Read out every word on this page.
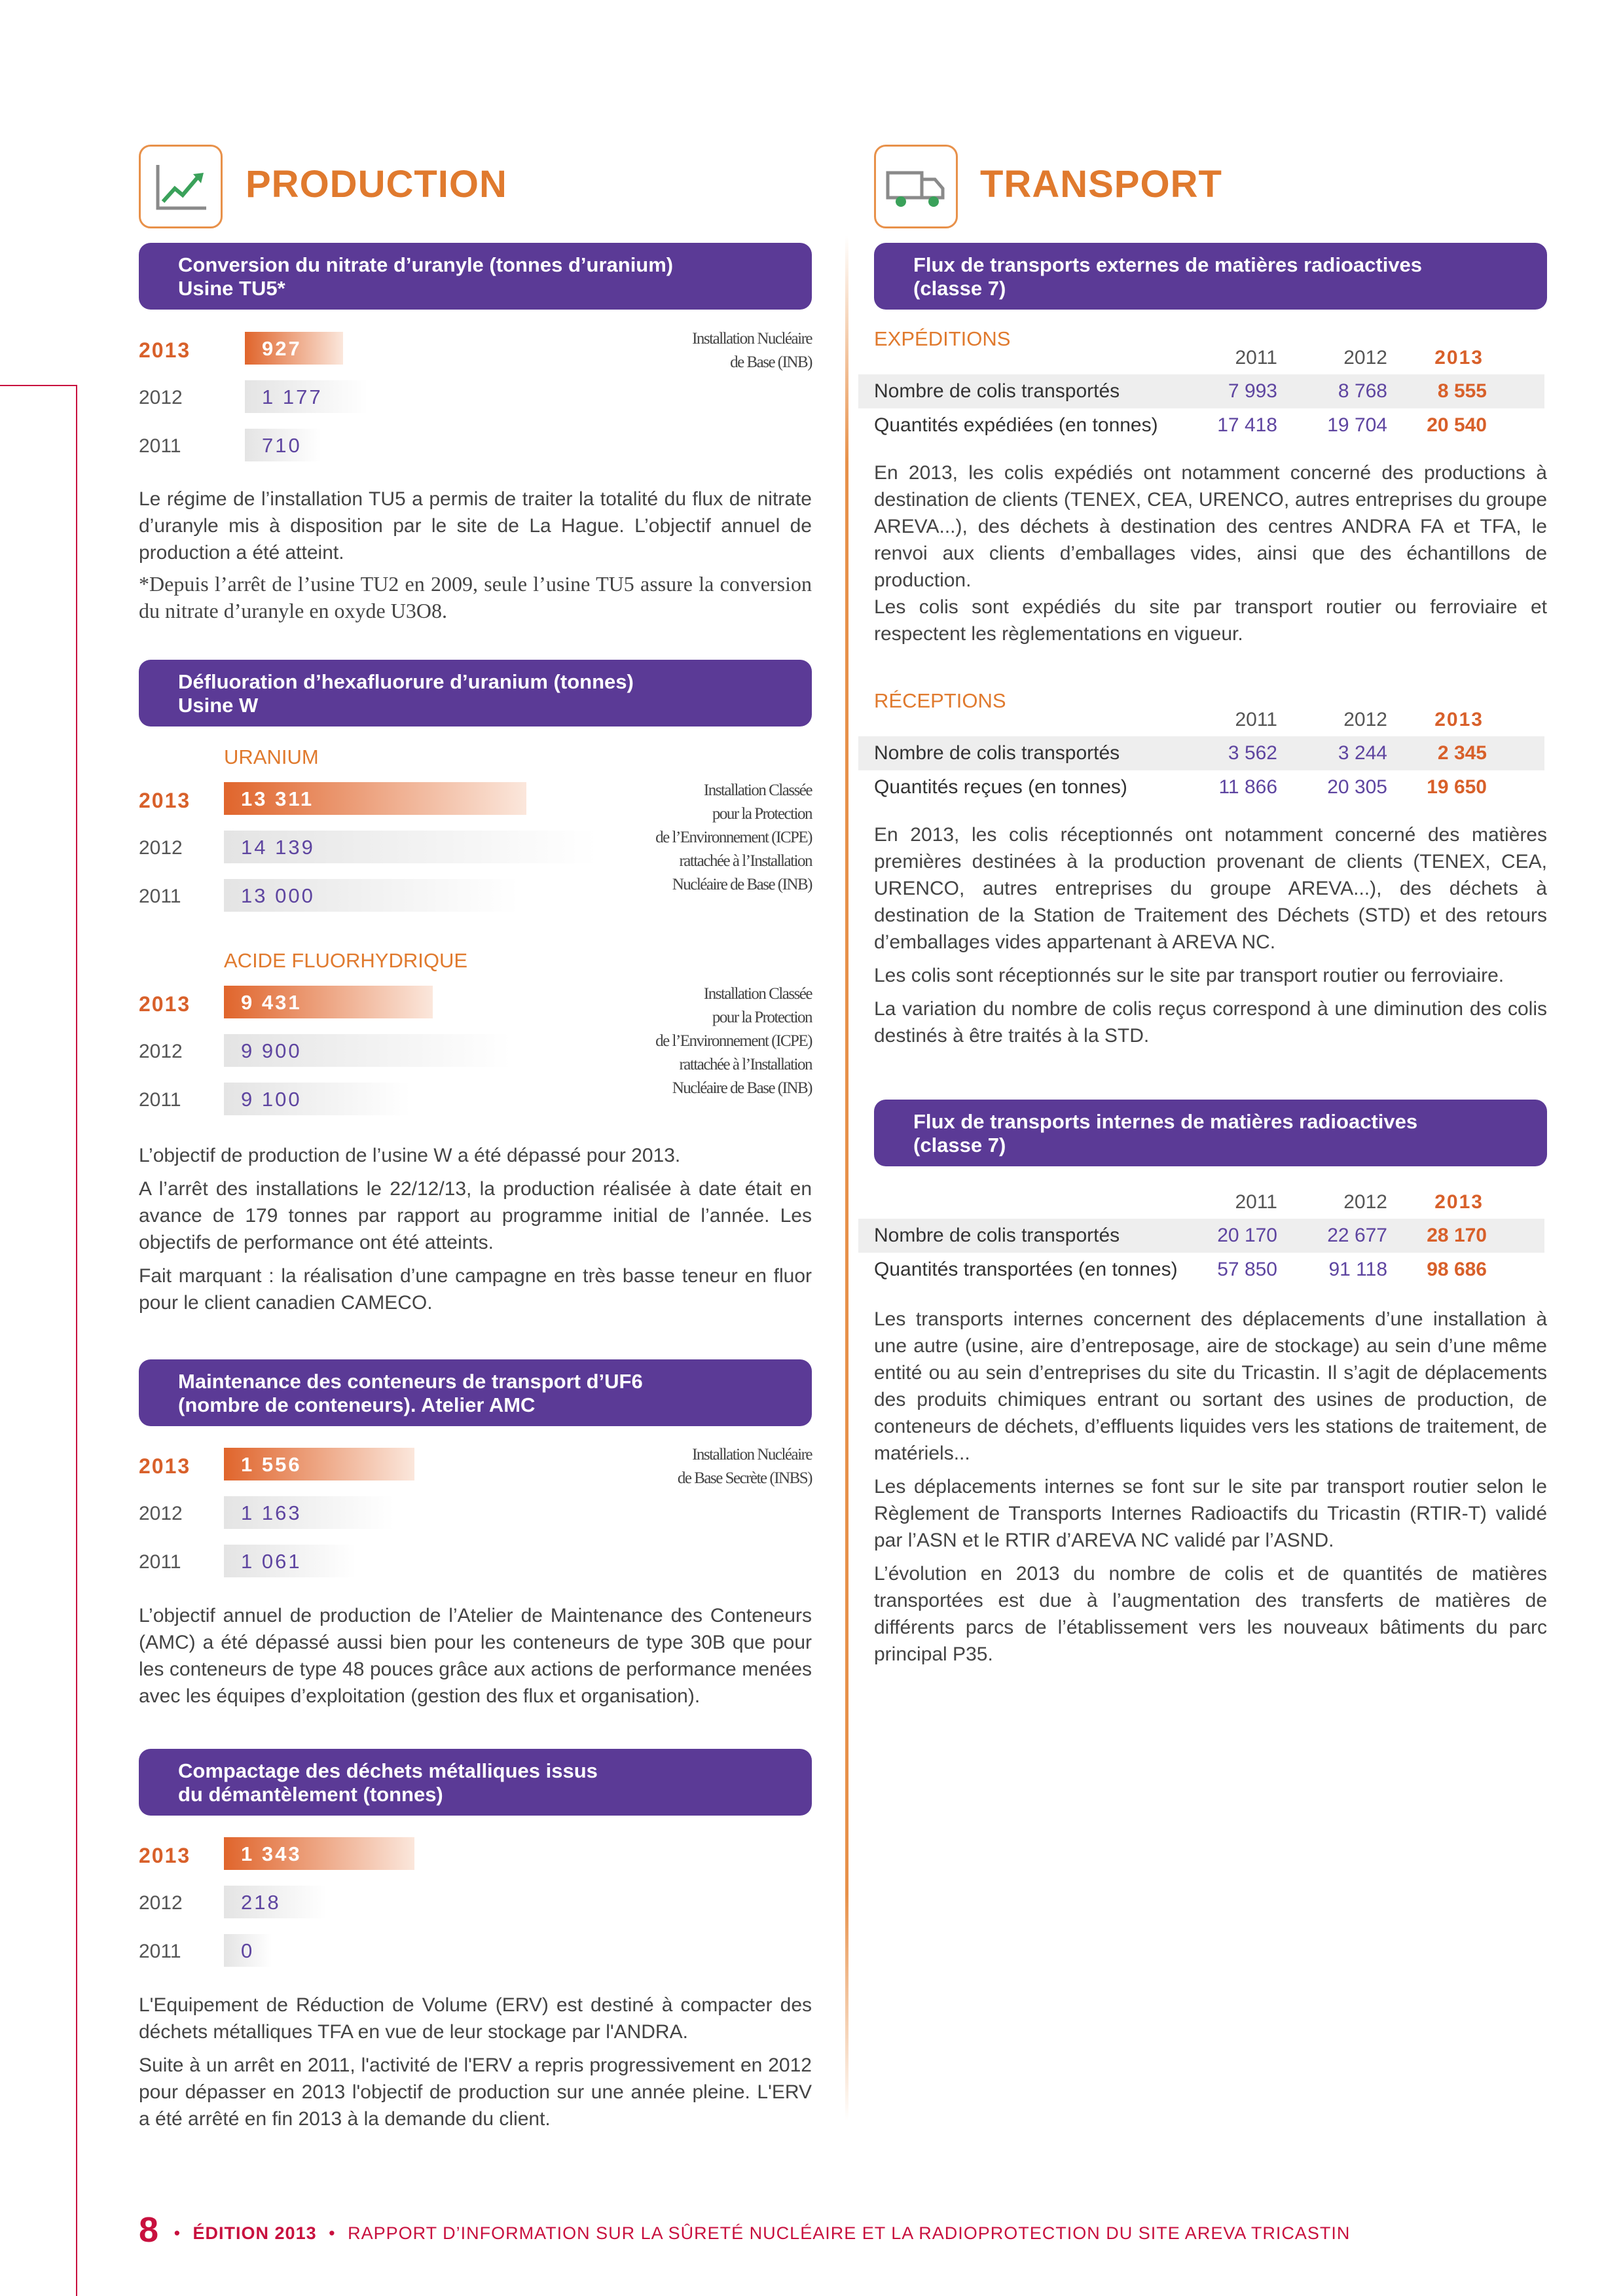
PRODUCTION	TRANSPORT
Conversion du nitrate d’uranyle (tonnes d’uranium)
Usine TU5*
2013	927
2012	1 177
2011	710
Installation Nucléaire
de Base (INB)

Le régime de l’installation TU5 a permis de traiter la totalité du flux de nitrate d’uranyle mis à disposition par le site de La Hague. L’objectif annuel de production a été atteint.

*Depuis l’arrêt de l’usine TU2 en 2009, seule l’usine TU5 assure la conversion du nitrate d’uranyle en oxyde U3O8.

Défluoration d’hexafluorure d’uranium (tonnes)
Usine W
URANIUM
2013 13 311
2012	14 139
2011	13 000
Installation Classée
pour la Protection
de l’Environnement (ICPE)
rattachée à l’Installation
Nucléaire de Base (INB)
ACIDE FLUORHYDRIQUE
2013 9 431
2012	9 900
2011	9 100
Installation Classée
pour la Protection
de l’Environnement (ICPE)
rattachée à l’Installation
Nucléaire de Base (INB)

L’objectif de production de l’usine W a été dépassé pour 2013.

A l’arrêt des installations le 22/12/13, la production réalisée à date était en avance de 179 tonnes par rapport au programme initial de l’année. Les objectifs de performance ont été atteints.

Fait marquant : la réalisation d’une campagne en très basse teneur en fluor pour le client canadien CAMECO.

Maintenance des conteneurs de transport d’UF6
(nombre de conteneurs). Atelier AMC
2013 1 556
2012	1 163
2011	1 061
Installation Nucléaire
de Base Secrète (INBS)

L’objectif annuel de production de l’Atelier de Maintenance des Conteneurs (AMC) a été dépassé aussi bien pour les conteneurs de type 30B que pour les conteneurs de type 48 pouces grâce aux actions de performance menées avec les équipes d’exploitation (gestion des flux et organisation).

Compactage des déchets métalliques issus
du démantèlement (tonnes)
2013 1 343
2012	218
2011	0

L'Equipement de Réduction de Volume (ERV) est destiné à compacter des déchets métalliques TFA en vue de leur stockage par l'ANDRA.

Suite à un arrêt en 2011, l'activité de l'ERV a repris progressivement en 2012 pour dépasser en 2013 l'objectif de production sur une année pleine. L'ERV a été arrêté en fin 2013 à la demande du client.

Flux de transports externes de matières radioactives
(classe 7)
EXPÉDITIONS
2011	2012	2013
Nombre de colis transportés	7 993	8 768	8 555
Quantités expédiées (en tonnes)	17 418	19 704	20 540

En 2013, les colis expédiés ont notamment concerné des productions à destination de clients (TENEX, CEA, URENCO, autres entreprises du groupe AREVA...), des déchets à destination des centres ANDRA FA et TFA, le renvoi aux clients d’emballages vides, ainsi que des échantillons de production.

Les colis sont expédiés du site par transport routier ou ferroviaire et respectent les règlementations en vigueur.

RÉCEPTIONS
2011	2012	2013
Nombre de colis transportés	3 562	3 244	2 345
Quantités reçues (en tonnes)	11 866	20 305	19 650

En 2013, les colis réceptionnés ont notamment concerné des matières premières destinées à la production provenant de clients (TENEX, CEA, URENCO, autres entreprises du groupe AREVA...), des déchets à destination de la Station de Traitement des Déchets (STD) et des retours d’emballages vides appartenant à AREVA NC.

Les colis sont réceptionnés sur le site par transport routier ou ferroviaire.

La variation du nombre de colis reçus correspond à une diminution des colis destinés à être traités à la STD.

Flux de transports internes de matières radioactives
(classe 7)
2011	2012	2013
Nombre de colis transportés	20 170	22 677	28 170
Quantités transportées (en tonnes)	57 850	91 118	98 686

Les transports internes concernent des déplacements d’une installation à une autre (usine, aire d’entreposage, aire de stockage) au sein d’une même entité ou au sein d’entreprises du site du Tricastin. Il s’agit de déplacements des produits chimiques entrant ou sortant des usines de production, de conteneurs de déchets, d’effluents liquides vers les stations de traitement, de matériels...

Les déplacements internes se font sur le site par transport routier selon le Règlement de Transports Internes Radioactifs du Tricastin (RTIR-T) validé par l’ASN et le RTIR d’AREVA NC validé par l’ASND.

L’évolution en 2013 du nombre de colis et de quantités de matières transportées est due à l’augmentation des transferts de matières de différents parcs de l’établissement vers les nouveaux bâtiments du parc principal P35.

8 • ÉDITION 2013 • RAPPORT D’INFORMATION SUR LA SÛRETÉ NUCLÉAIRE ET LA RADIOPROTECTION DU SITE AREVA TRICASTIN
